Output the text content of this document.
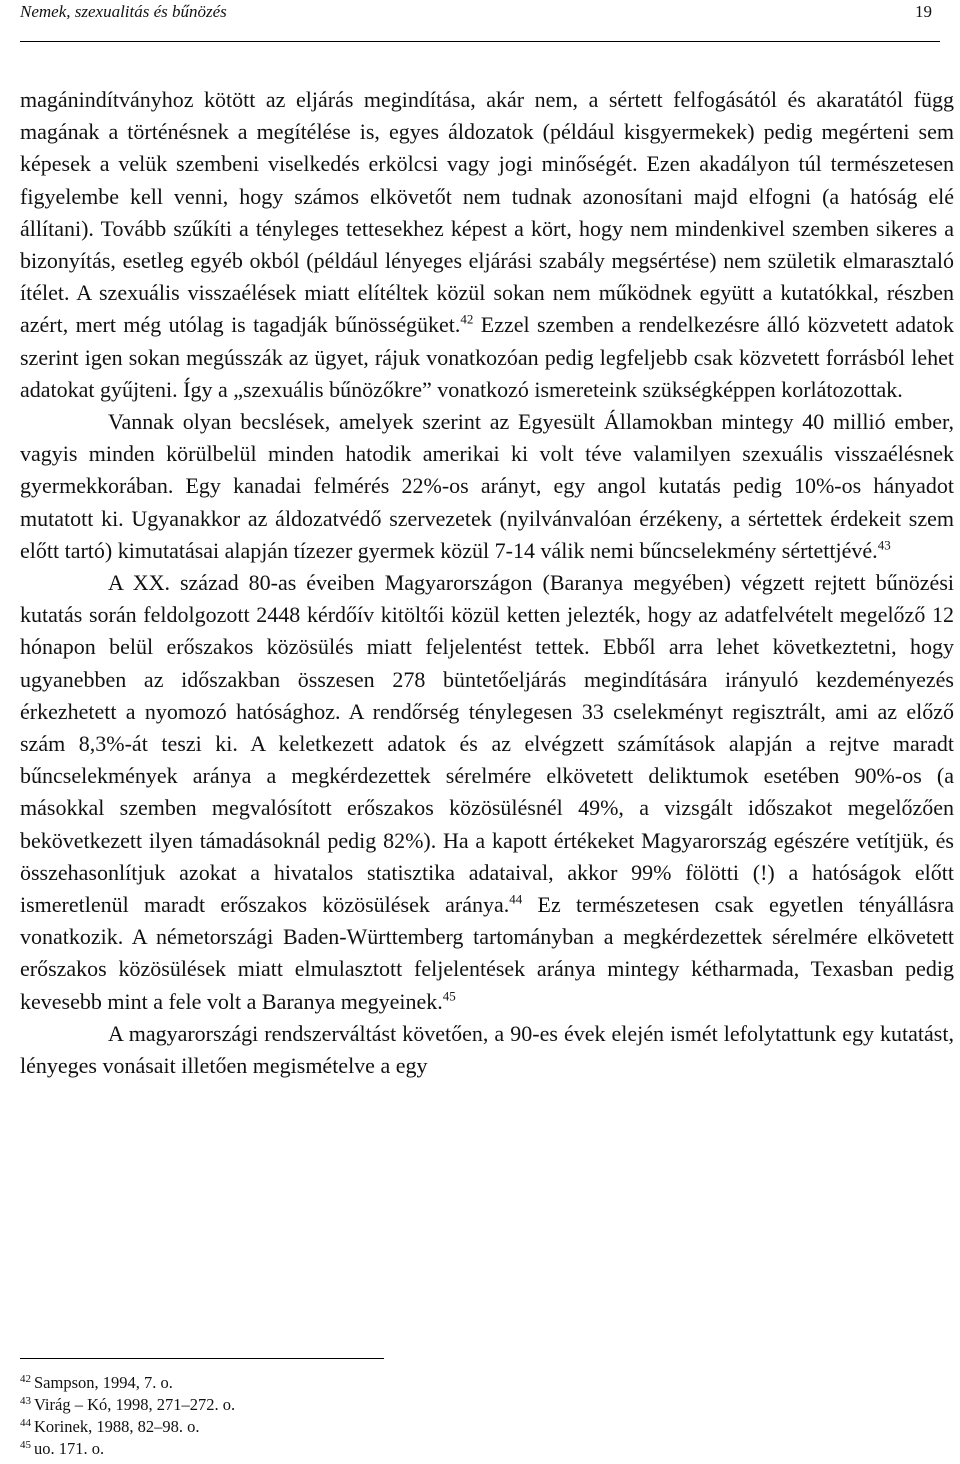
Nemek, szexualitás és bűnözés	19

magánindítványhoz kötött az eljárás megindítása, akár nem, a sértett felfogásától és akaratától függ magának a történésnek a megítélése is, egyes áldozatok (például kisgyermekek) pedig megérteni sem képesek a velük szembeni viselkedés erkölcsi vagy jogi minőségét. Ezen akadályon túl természetesen figyelembe kell venni, hogy számos elkövetőt nem tudnak azonosítani majd elfogni (a hatóság elé állítani). Tovább szűkíti a tényleges tettesekhez képest a kört, hogy nem mindenkivel szemben sikeres a bizonyítás, esetleg egyéb okból (például lényeges eljárási szabály megsértése) nem születik elmarasztaló ítélet. A szexuális visszaélések miatt elítéltek közül sokan nem működnek együtt a kutatókkal, részben azért, mert még utólag is tagadják bűnösségüket.$^{42}$ Ezzel szemben a rendelkezésre álló közvetett adatok szerint igen sokan megússzák az ügyet, rájuk vonatkozóan pedig legfeljebb csak közvetett forrásból lehet adatokat gyűjteni. Így a „szexuális bűnözőkre” vonatkozó ismereteink szükségképpen korlátozottak.

Vannak olyan becslések, amelyek szerint az Egyesült Államokban mintegy 40 millió ember, vagyis minden körülbelül minden hatodik amerikai ki volt téve valamilyen szexuális visszaélésnek gyermekkorában. Egy kanadai felmérés 22%-os arányt, egy angol kutatás pedig 10%-os hányadot mutatott ki. Ugyanakkor az áldozatvédő szervezetek (nyilvánvalóan érzékeny, a sértettek érdekeit szem előtt tartó) kimutatásai alapján tízezer gyermek közül 7-14 válik nemi bűncselekmény sértettjévé.$^{43}$

A XX. század 80-as éveiben Magyarországon (Baranya megyében) végzett rejtett bűnözési kutatás során feldolgozott 2448 kérdőív kitöltői közül ketten jelezték, hogy az adatfelvételt megelőző 12 hónapon belül erőszakos közösülés miatt feljelentést tettek. Ebből arra lehet következtetni, hogy ugyanebben az időszakban összesen 278 büntetőeljárás megindítására irányuló kezdeményezés érkezhetett a nyomozó hatósághoz. A rendőrség ténylegesen 33 cselekményt regisztrált, ami az előző szám 8,3%-át teszi ki. A keletkezett adatok és az elvégzett számítások alapján a rejtve maradt bűncselekmények aránya a megkérdezettek sérelmére elkövetett deliktumok esetében 90%-os (a másokkal szemben megvalósított erőszakos közösülésnél 49%, a vizsgált időszakot megelőzően bekövetkezett ilyen támadásoknál pedig 82%). Ha a kapott értékeket Magyarország egészére vetítjük, és összehasonlítjuk azokat a hivatalos statisztika adataival, akkor 99% fölötti (!) a hatóságok előtt ismeretlenül maradt erőszakos közösülések aránya.$^{44}$ Ez természetesen csak egyetlen tényállásra vonatkozik. A németországi Baden-Württemberg tartományban a megkérdezettek sérelmére elkövetett erőszakos közösülések miatt elmulasztott feljelentések aránya mintegy kétharmada, Texasban pedig kevesebb mint a fele volt a Baranya megyeinek.$^{45}$

A magyarországi rendszerváltást követően, a 90-es évek elején ismét lefolytattunk egy kutatást, lényeges vonásait illetően megismételve a egy

$^{42}$ Sampson, 1994, 7. o.
$^{43}$ Virág – Kó, 1998, 271–272. o.
$^{44}$ Korinek, 1988, 82–98. o.
$^{45}$ uo. 171. o.
